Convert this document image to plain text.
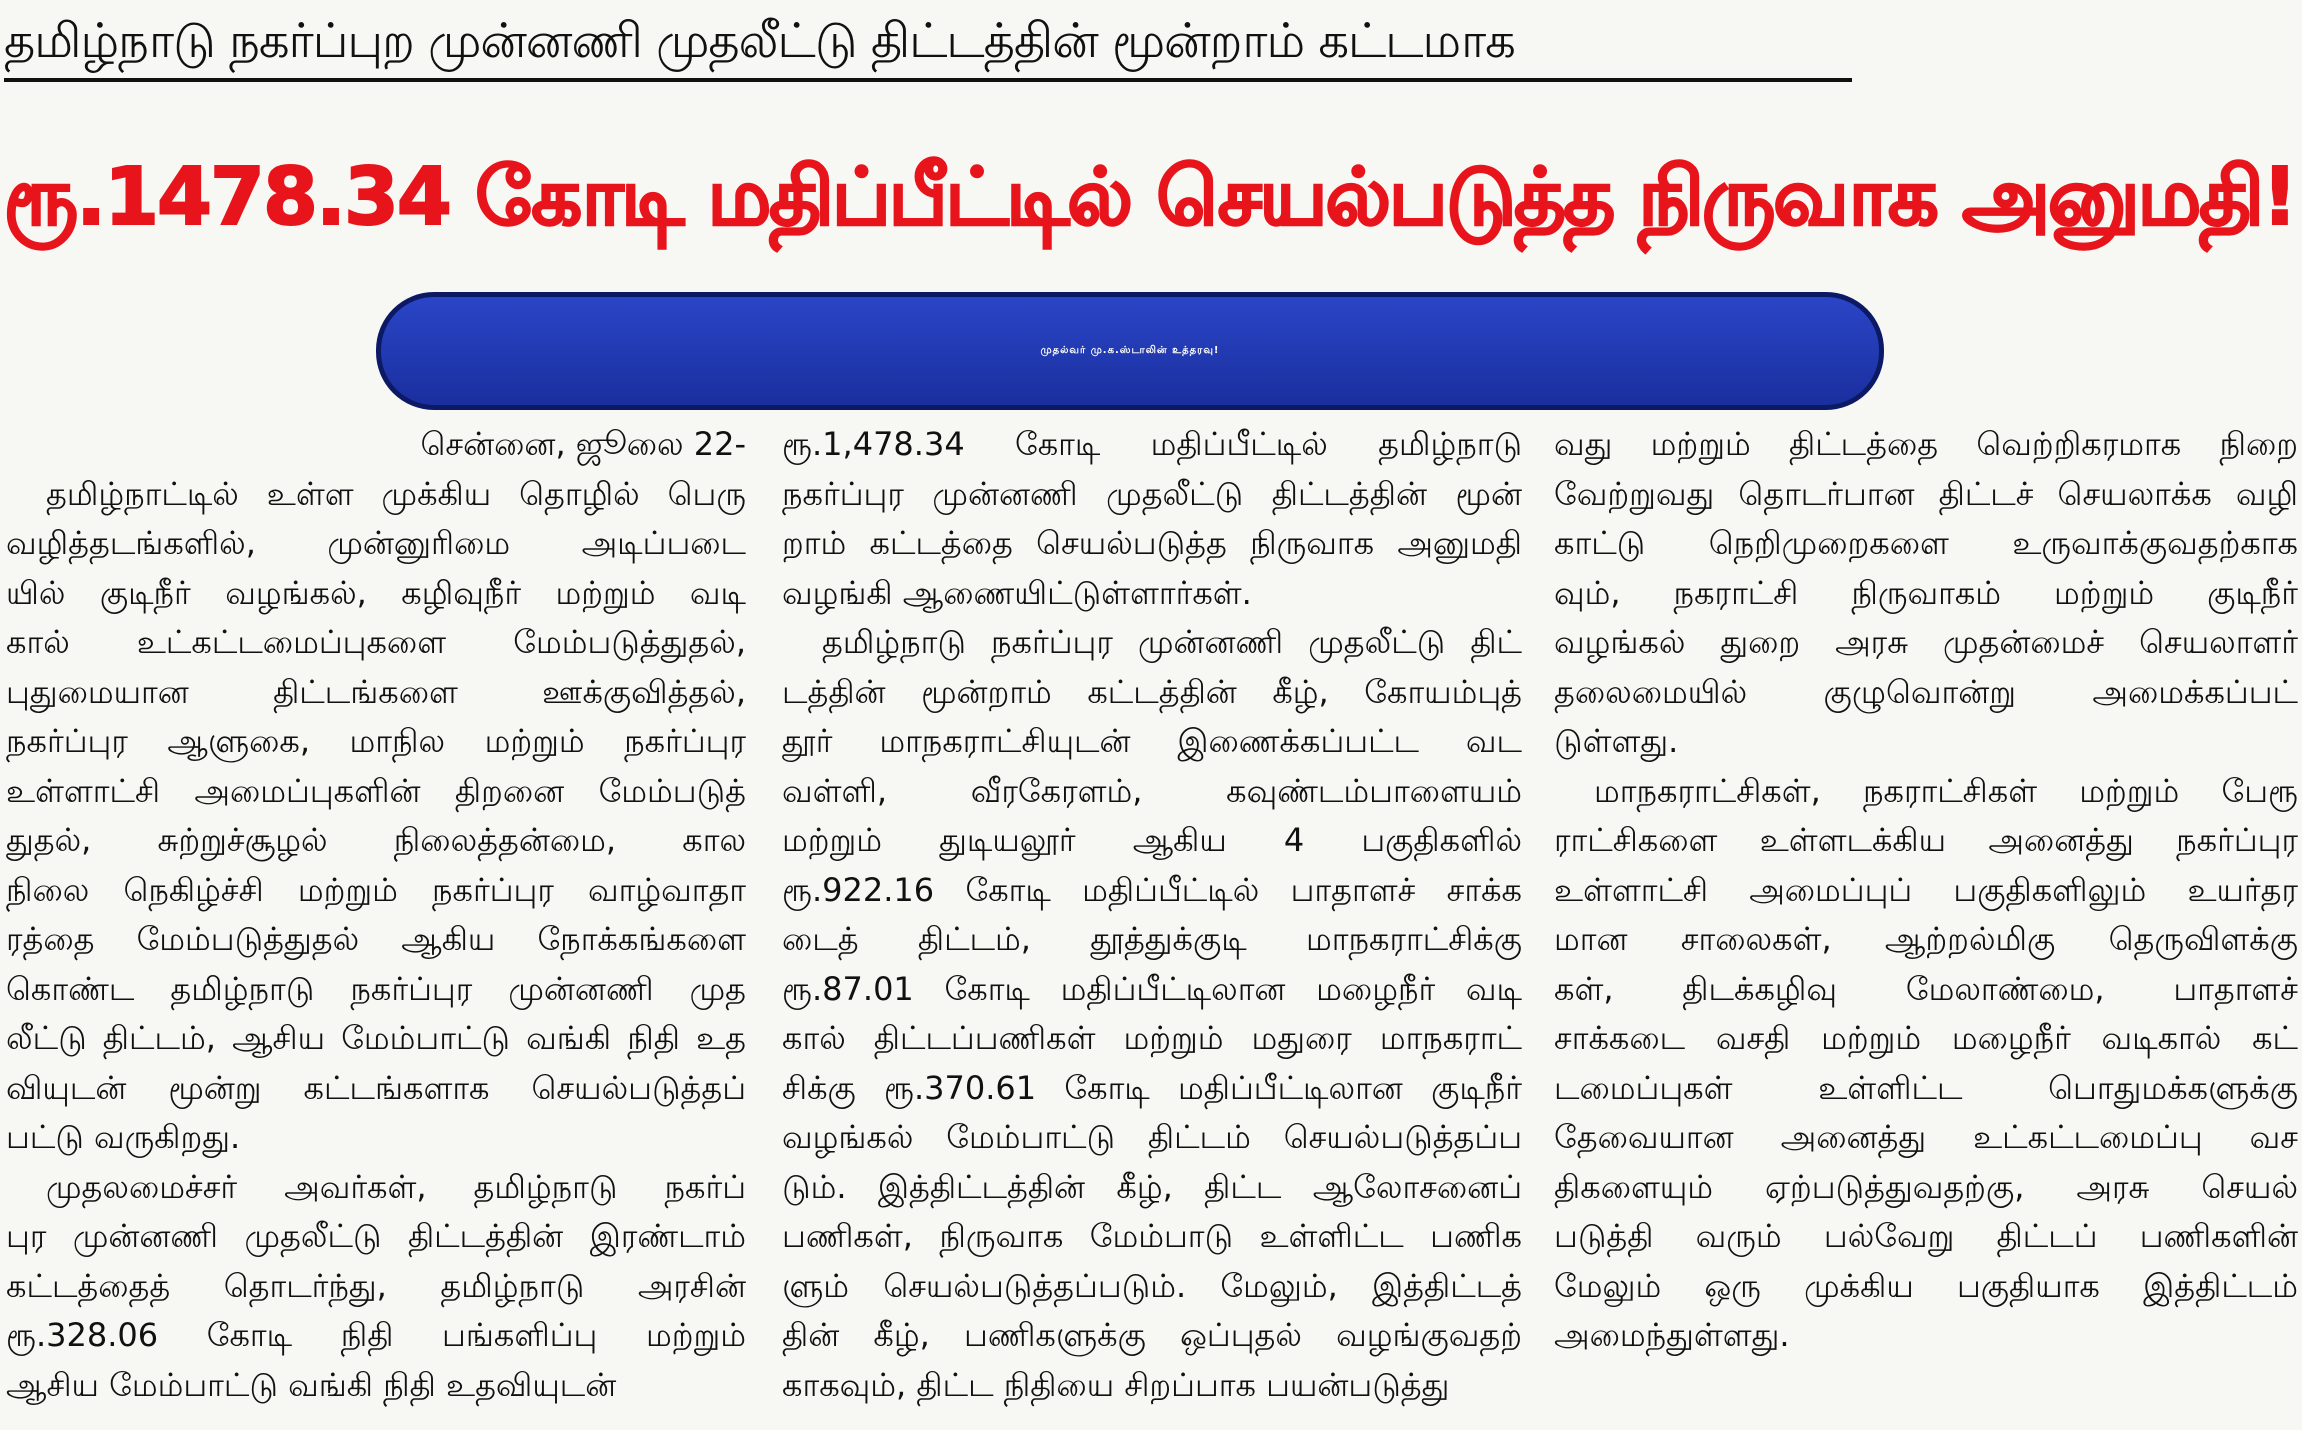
தமிழ்நாடு நகர்ப்புற முன்னணி முதலீட்டு திட்டத்தின் மூன்றாம் கட்டமாக
ரூ.1478.34 கோடி மதிப்பீட்டில் செயல்படுத்த நிருவாக அனுமதி!
முதல்வர் மு.க.ஸ்டாலின் உத்தரவு!
சென்னை, ஜூலை 22-
தமிழ்நாட்டில் உள்ள முக்கிய தொழில் பெரு
வழித்தடங்களில், முன்னுரிமை அடிப்படை
யில் குடிநீர் வழங்கல், கழிவுநீர் மற்றும் வடி
கால் உட்கட்டமைப்புகளை மேம்படுத்துதல்,
புதுமையான திட்டங்களை ஊக்குவித்தல்,
நகர்ப்புர ஆளுகை, மாநில மற்றும் நகர்ப்புர
உள்ளாட்சி அமைப்புகளின் திறனை மேம்படுத்
துதல், சுற்றுச்சூழல் நிலைத்தன்மை, கால
நிலை நெகிழ்ச்சி மற்றும் நகர்ப்புர வாழ்வாதா
ரத்தை மேம்படுத்துதல் ஆகிய நோக்கங்களை
கொண்ட தமிழ்நாடு நகர்ப்புர முன்னணி முத
லீட்டு திட்டம், ஆசிய மேம்பாட்டு வங்கி நிதி உத
வியுடன் மூன்று கட்டங்களாக செயல்படுத்தப்
பட்டு வருகிறது.
முதலமைச்சர் அவர்கள், தமிழ்நாடு நகர்ப்
புர முன்னணி முதலீட்டு திட்டத்தின் இரண்டாம்
கட்டத்தைத் தொடர்ந்து, தமிழ்நாடு அரசின்
ரூ.328.06 கோடி நிதி பங்களிப்பு மற்றும்
ஆசிய மேம்பாட்டு வங்கி நிதி உதவியுடன்
ரூ.1,478.34 கோடி மதிப்பீட்டில் தமிழ்நாடு
நகர்ப்புர முன்னணி முதலீட்டு திட்டத்தின் மூன்
றாம் கட்டத்தை செயல்படுத்த நிருவாக அனுமதி
வழங்கி ஆணையிட்டுள்ளார்கள்.
தமிழ்நாடு நகர்ப்புர முன்னணி முதலீட்டு திட்
டத்தின் மூன்றாம் கட்டத்தின் கீழ், கோயம்புத்
தூர் மாநகராட்சியுடன் இணைக்கப்பட்ட வட
வள்ளி, வீரகேரளம், கவுண்டம்பாளையம்
மற்றும் துடியலூர் ஆகிய 4 பகுதிகளில்
ரூ.922.16 கோடி மதிப்பீட்டில் பாதாளச் சாக்க
டைத் திட்டம், தூத்துக்குடி மாநகராட்சிக்கு
ரூ.87.01 கோடி மதிப்பீட்டிலான மழைநீர் வடி
கால் திட்டப்பணிகள் மற்றும் மதுரை மாநகராட்
சிக்கு ரூ.370.61 கோடி மதிப்பீட்டிலான குடிநீர்
வழங்கல் மேம்பாட்டு திட்டம் செயல்படுத்தப்ப
டும். இத்திட்டத்தின் கீழ், திட்ட ஆலோசனைப்
பணிகள், நிருவாக மேம்பாடு உள்ளிட்ட பணிக
ளும் செயல்படுத்தப்படும். மேலும், இத்திட்டத்
தின் கீழ், பணிகளுக்கு ஒப்புதல் வழங்குவதற்
காகவும், திட்ட நிதியை சிறப்பாக பயன்படுத்து
வது மற்றும் திட்டத்தை வெற்றிகரமாக நிறை
வேற்றுவது தொடர்பான திட்டச் செயலாக்க வழி
காட்டு நெறிமுறைகளை உருவாக்குவதற்காக
வும், நகராட்சி நிருவாகம் மற்றும் குடிநீர்
வழங்கல் துறை அரசு முதன்மைச் செயலாளர்
தலைமையில் குழுவொன்று அமைக்கப்பட்
டுள்ளது.
மாநகராட்சிகள், நகராட்சிகள் மற்றும் பேரூ
ராட்சிகளை உள்ளடக்கிய அனைத்து நகர்ப்புர
உள்ளாட்சி அமைப்புப் பகுதிகளிலும் உயர்தர
மான சாலைகள், ஆற்றல்மிகு தெருவிளக்கு
கள், திடக்கழிவு மேலாண்மை, பாதாளச்
சாக்கடை வசதி மற்றும் மழைநீர் வடிகால் கட்
டமைப்புகள் உள்ளிட்ட பொதுமக்களுக்கு
தேவையான அனைத்து உட்கட்டமைப்பு வச
திகளையும் ஏற்படுத்துவதற்கு, அரசு செயல்
படுத்தி வரும் பல்வேறு திட்டப் பணிகளின்
மேலும் ஒரு முக்கிய பகுதியாக இத்திட்டம்
அமைந்துள்ளது.
